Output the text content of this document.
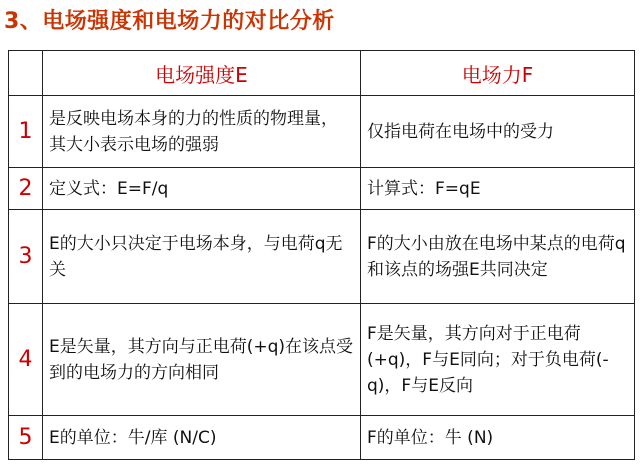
3、电场强度和电场力的对比分析
	电场强度E	电场力F
1	是反映电场本身的力的性质的物理量，其大小表示电场的强弱	仅指电荷在电场中的受力
2	定义式：E=F/q	计算式：F=qE
3	E的大小只决定于电场本身，与电荷q无关	F的大小由放在电场中某点的电荷q和该点的场强E共同决定
4	E是矢量，其方向与正电荷(+q)在该点受到的电场力的方向相同	F是矢量，其方向对于正电荷(+q)，F与E同向；对于负电荷(-q)，F与E反向
5	E的单位：牛/库 (N/C)	F的单位：牛 (N)
